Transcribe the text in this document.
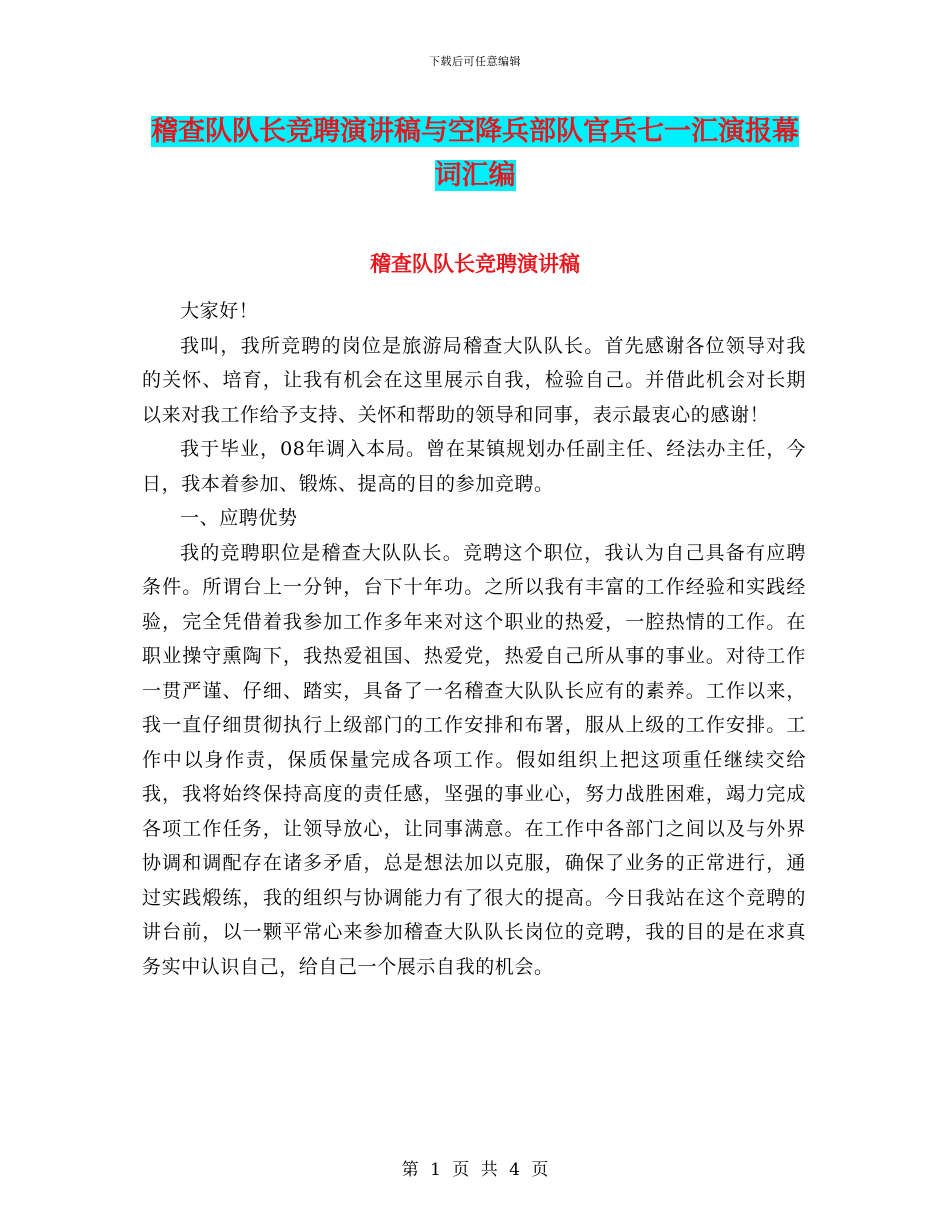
下载后可任意编辑
稽查队队长竞聘演讲稿与空降兵部队官兵七一汇演报幕词汇编
稽查队队长竞聘演讲稿

大家好！

我叫，我所竞聘的岗位是旅游局稽查大队队长。首先感谢各位领导对我的关怀、培育，让我有机会在这里展示自我，检验自己。并借此机会对长期以来对我工作给予支持、关怀和帮助的领导和同事，表示最衷心的感谢！

我于毕业，08年调入本局。曾在某镇规划办任副主任、经法办主任，今日，我本着参加、锻炼、提高的目的参加竞聘。

一、应聘优势

我的竞聘职位是稽查大队队长。竞聘这个职位，我认为自己具备有应聘条件。所谓台上一分钟，台下十年功。之所以我有丰富的工作经验和实践经验，完全凭借着我参加工作多年来对这个职业的热爱，一腔热情的工作。在职业操守熏陶下，我热爱祖国、热爱党，热爱自己所从事的事业。对待工作一贯严谨、仔细、踏实，具备了一名稽查大队队长应有的素养。工作以来，我一直仔细贯彻执行上级部门的工作安排和布署，服从上级的工作安排。工作中以身作责，保质保量完成各项工作。假如组织上把这项重任继续交给我，我将始终保持高度的责任感，坚强的事业心，努力战胜困难，竭力完成各项工作任务，让领导放心，让同事满意。在工作中各部门之间以及与外界协调和调配存在诸多矛盾，总是想法加以克服，确保了业务的正常进行，通过实践煅练，我的组织与协调能力有了很大的提高。今日我站在这个竞聘的讲台前，以一颗平常心来参加稽查大队队长岗位的竞聘，我的目的是在求真务实中认识自己，给自己一个展示自我的机会。

第 1 页 共 4 页
